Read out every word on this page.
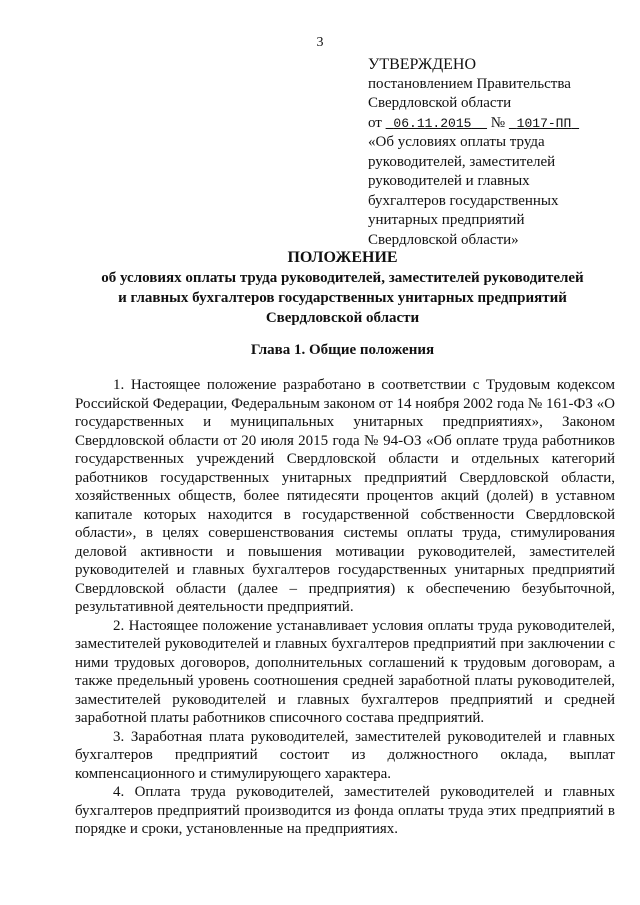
3
УТВЕРЖДЕНО
постановлением Правительства
Свердловской области
от 06.11.2015 № 1017-ПП
«Об условиях оплаты труда
руководителей, заместителей
руководителей и главных
бухгалтеров государственных
унитарных предприятий
Свердловской области»
ПОЛОЖЕНИЕ
об условиях оплаты труда руководителей, заместителей руководителей
и главных бухгалтеров государственных унитарных предприятий
Свердловской области
Глава 1. Общие положения

1. Настоящее положение разработано в соответствии с Трудовым кодексом Российской Федерации, Федеральным законом от 14 ноября 2002 года № 161-ФЗ «О государственных и муниципальных унитарных предприятиях», Законом Свердловской области от 20 июля 2015 года № 94-ОЗ «Об оплате труда работников государственных учреждений Свердловской области и отдельных категорий работников государственных унитарных предприятий Свердловской области, хозяйственных обществ, более пятидесяти процентов акций (долей) в уставном капитале которых находится в государственной собственности Свердловской области», в целях совершенствования системы оплаты труда, стимулирования деловой активности и повышения мотивации руководителей, заместителей руководителей и главных бухгалтеров государственных унитарных предприятий Свердловской области (далее – предприятия) к обеспечению безубыточной, результативной деятельности предприятий.

2. Настоящее положение устанавливает условия оплаты труда руководителей, заместителей руководителей и главных бухгалтеров предприятий при заключении с ними трудовых договоров, дополнительных соглашений к трудовым договорам, а также предельный уровень соотношения средней заработной платы руководителей, заместителей руководителей и главных бухгалтеров предприятий и средней заработной платы работников списочного состава предприятий.

3. Заработная плата руководителей, заместителей руководителей и главных бухгалтеров предприятий состоит из должностного оклада, выплат компенсационного и стимулирующего характера.

4. Оплата труда руководителей, заместителей руководителей и главных бухгалтеров предприятий производится из фонда оплаты труда этих предприятий в порядке и сроки, установленные на предприятиях.
